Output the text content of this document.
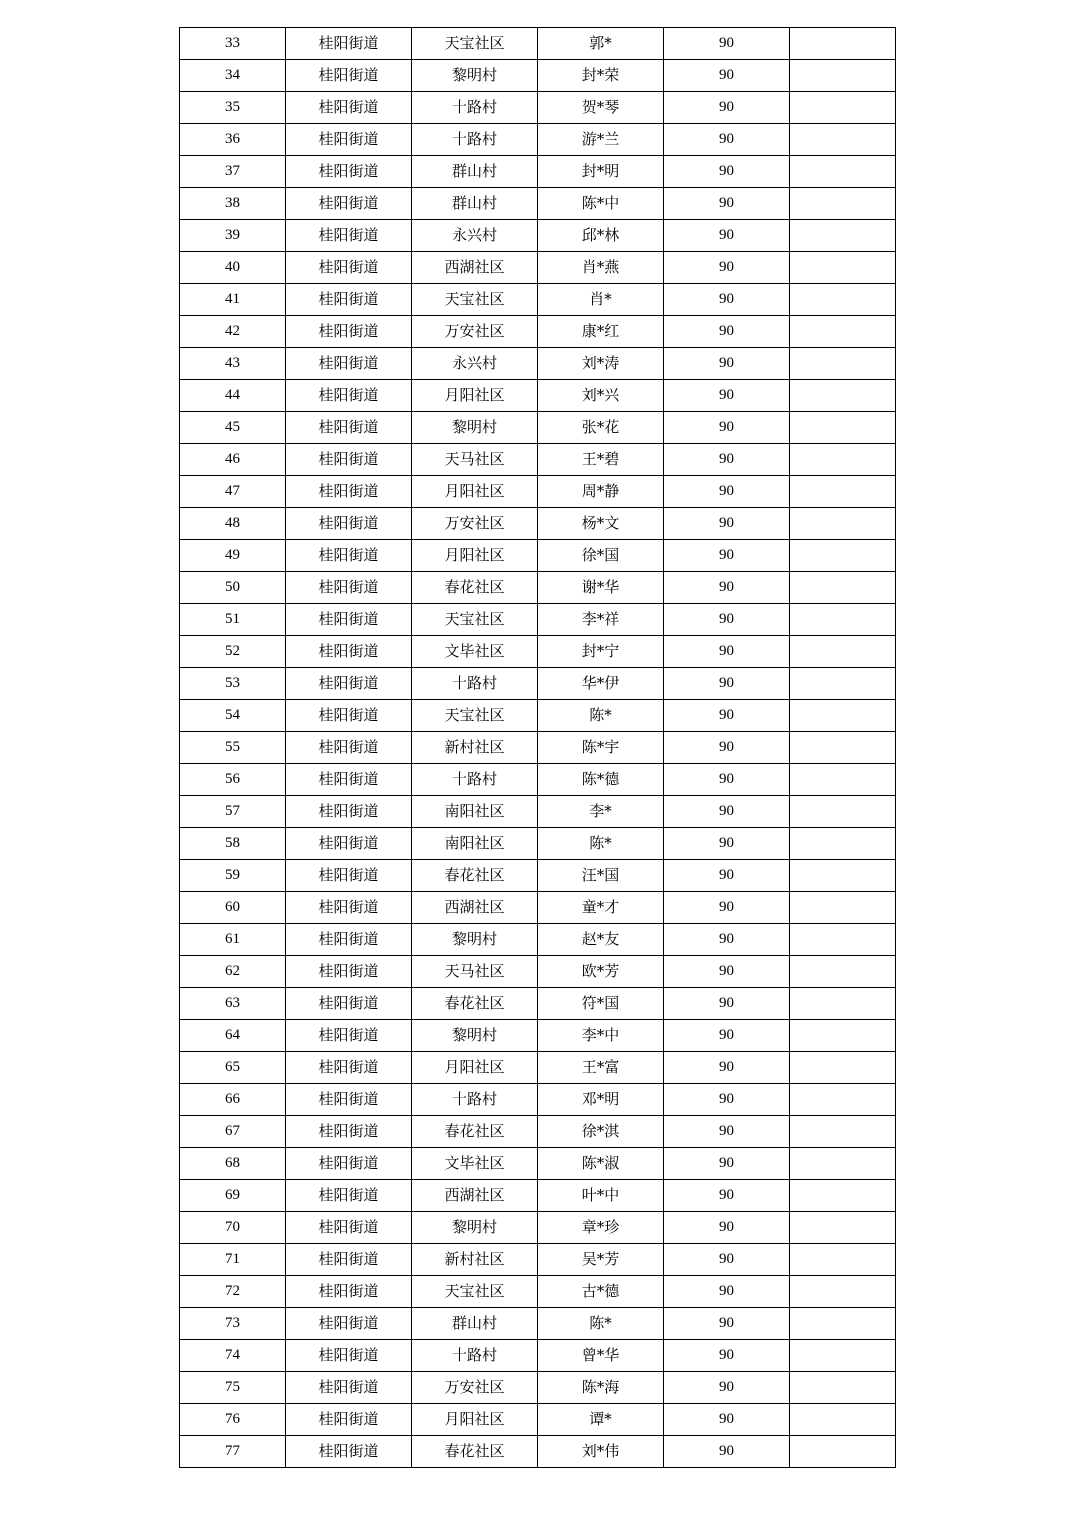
33	桂阳街道	天宝社区	郭*	90	
34	桂阳街道	黎明村	封*荣	90	
35	桂阳街道	十路村	贺*琴	90	
36	桂阳街道	十路村	游*兰	90	
37	桂阳街道	群山村	封*明	90	
38	桂阳街道	群山村	陈*中	90	
39	桂阳街道	永兴村	邱*林	90	
40	桂阳街道	西湖社区	肖*燕	90	
41	桂阳街道	天宝社区	肖*	90	
42	桂阳街道	万安社区	康*红	90	
43	桂阳街道	永兴村	刘*涛	90	
44	桂阳街道	月阳社区	刘*兴	90	
45	桂阳街道	黎明村	张*花	90	
46	桂阳街道	天马社区	王*碧	90	
47	桂阳街道	月阳社区	周*静	90	
48	桂阳街道	万安社区	杨*文	90	
49	桂阳街道	月阳社区	徐*国	90	
50	桂阳街道	春花社区	谢*华	90	
51	桂阳街道	天宝社区	李*祥	90	
52	桂阳街道	文毕社区	封*宁	90	
53	桂阳街道	十路村	华*伊	90	
54	桂阳街道	天宝社区	陈*	90	
55	桂阳街道	新村社区	陈*宇	90	
56	桂阳街道	十路村	陈*德	90	
57	桂阳街道	南阳社区	李*	90	
58	桂阳街道	南阳社区	陈*	90	
59	桂阳街道	春花社区	汪*国	90	
60	桂阳街道	西湖社区	童*才	90	
61	桂阳街道	黎明村	赵*友	90	
62	桂阳街道	天马社区	欧*芳	90	
63	桂阳街道	春花社区	符*国	90	
64	桂阳街道	黎明村	李*中	90	
65	桂阳街道	月阳社区	王*富	90	
66	桂阳街道	十路村	邓*明	90	
67	桂阳街道	春花社区	徐*淇	90	
68	桂阳街道	文毕社区	陈*淑	90	
69	桂阳街道	西湖社区	叶*中	90	
70	桂阳街道	黎明村	章*珍	90	
71	桂阳街道	新村社区	吴*芳	90	
72	桂阳街道	天宝社区	古*德	90	
73	桂阳街道	群山村	陈*	90	
74	桂阳街道	十路村	曾*华	90	
75	桂阳街道	万安社区	陈*海	90	
76	桂阳街道	月阳社区	谭*	90	
77	桂阳街道	春花社区	刘*伟	90	
